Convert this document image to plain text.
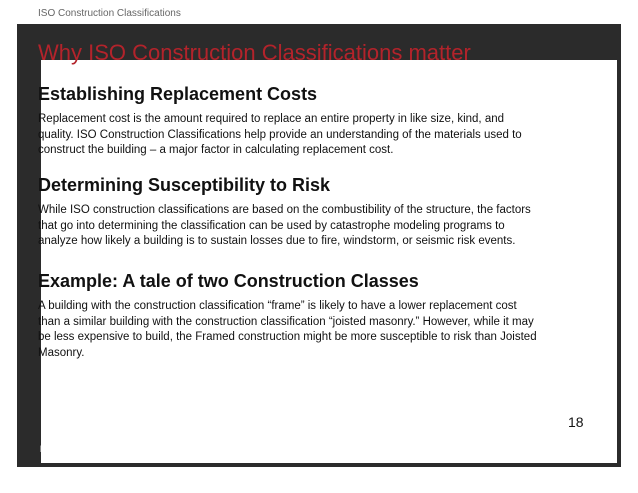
ISO Construction Classifications
Why ISO Construction Classifications matter
Establishing Replacement Costs

Replacement cost is the amount required to replace an entire property in like size, kind, and quality. ISO Construction Classifications help provide an understanding of the materials used to construct the building – a major factor in calculating replacement cost.

Determining Susceptibility to Risk

While ISO construction classifications are based on the combustibility of the structure, the factors that go into determining the classification can be used by catastrophe modeling programs to analyze how likely a building is to sustain losses due to fire, windstorm, or seismic risk events.

Example: A tale of two Construction Classes

A building with the construction classification “frame” is likely to have a lower replacement cost than a similar building with the construction classification “joisted masonry.” However, while it may be less expensive to build, the Framed construction might be more susceptible to risk than Joisted Masonry.

18
For more information visit, www.assetworks.com/risk	Copyright © 2016 AssetWorks Inc. All Rights Reserved.
